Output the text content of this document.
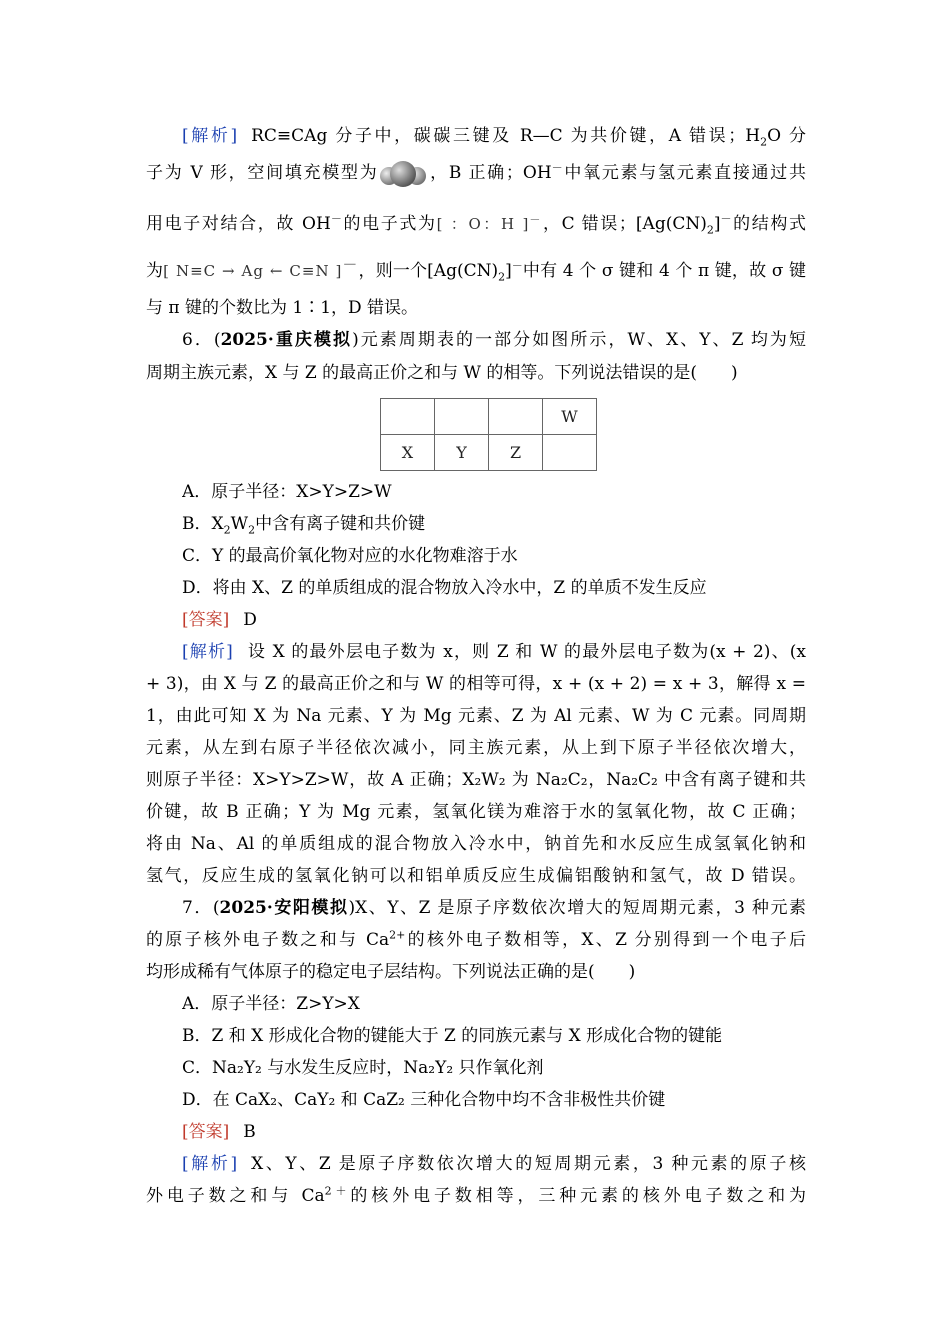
[解析] RC≡CAg 分子中，碳碳三键及 R—C 为共价键，A 错误；$H_2O$ 分
子为 V 形，空间填充模型为	，B 正确；OH－中氧元素与氢元素直接通过共
用电子对结合，故 OH－的电子式为[ ：·· O ··：H ]－，C 错误；$[Ag(CN)_2]^-$的结构式
为[ N≡C → Ag ← C≡N ]－，则一个$[Ag(CN)_2]^-$中有 4 个 σ 键和 4 个 π 键，故 σ 键
与 π 键的个数比为 1∶1，D 错误。
6．(2025·重庆模拟)元素周期表的一部分如图所示，W、X、Y、Z 均为短
周期主族元素，X 与 Z 的最高正价之和与 W 的相等。下列说法错误的是(　　)
			W
X	Y	Z	
A．原子半径：X>Y>Z>W
B．$X_2W_2$中含有离子键和共价键
C．Y 的最高价氧化物对应的水化物难溶于水
D．将由 X、Z 的单质组成的混合物放入冷水中，Z 的单质不发生反应
[答案] D
[解析] 设 X 的最外层电子数为 x，则 Z 和 W 的最外层电子数为(x + 2)、(x
+ 3)，由 X 与 Z 的最高正价之和与 W 的相等可得，x + (x + 2) = x + 3，解得 x =
1，由此可知 X 为 Na 元素、Y 为 Mg 元素、Z 为 Al 元素、W 为 C 元素。同周期
元素，从左到右原子半径依次减小，同主族元素，从上到下原子半径依次增大，
则原子半径：X>Y>Z>W，故 A 正确；X₂W₂ 为 Na₂C₂，Na₂C₂ 中含有离子键和共
价键，故 B 正确；Y 为 Mg 元素，氢氧化镁为难溶于水的氢氧化物，故 C 正确；
将由 Na、Al 的单质组成的混合物放入冷水中，钠首先和水反应生成氢氧化钠和
氢气，反应生成的氢氧化钠可以和铝单质反应生成偏铝酸钠和氢气，故 D 错误。
7．(2025·安阳模拟)X、Y、Z 是原子序数依次增大的短周期元素，3 种元素
的原子核外电子数之和与 $Ca^{2+}$的核外电子数相等，X、Z 分别得到一个电子后
均形成稀有气体原子的稳定电子层结构。下列说法正确的是(　　)
A．原子半径：Z>Y>X
B．Z 和 X 形成化合物的键能大于 Z 的同族元素与 X 形成化合物的键能
C．Na₂Y₂ 与水发生反应时，Na₂Y₂ 只作氧化剂
D．在 CaX₂、CaY₂ 和 CaZ₂ 三种化合物中均不含非极性共价键
[答案] B
[解析] X、Y、Z 是原子序数依次增大的短周期元素，3 种元素的原子核
外电子数之和与 $Ca^{2+}$的核外电子数相等，三种元素的核外电子数之和为
